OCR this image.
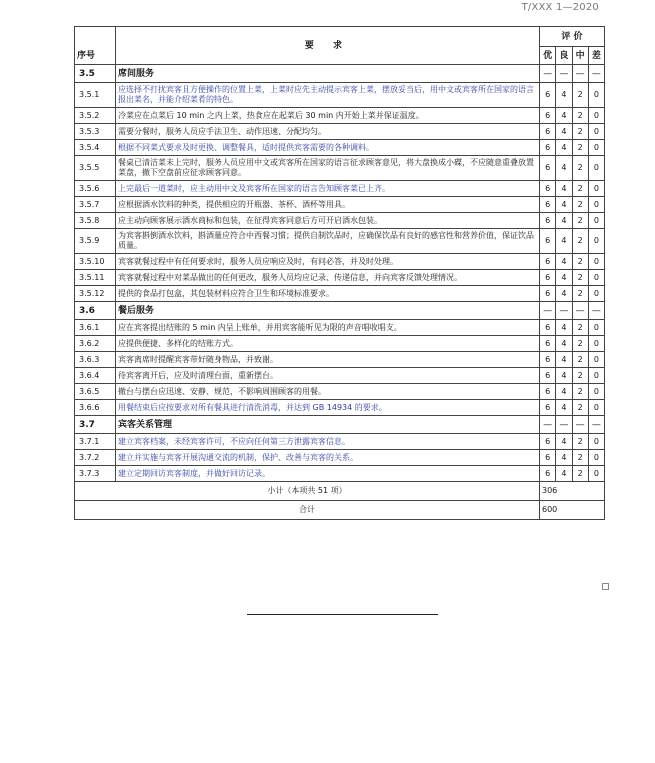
T/XXX 1—2020
序号	要 求	评 价			
		优	良	中	差
3.5	席间服务	—	—	—	—
3.5.1	应选择不打扰宾客且方便操作的位置上菜，上菜时应先主动提示宾客上菜，摆放妥当后，用中文或宾客所在国家的语言报出菜名，并能介绍菜肴的特色。	6	4	2	0
3.5.2	冷菜应在点菜后 10 min 之内上菜，热食应在起菜后 30 min 内开始上菜并保证温度。	6	4	2	0
3.5.3	需要分餐时，服务人员应手法卫生、动作迅速、分配均匀。	6	4	2	0
3.5.4	根据不同菜式要求及时更换、调整餐具，适时提供宾客需要的各种调料。	6	4	2	0
3.5.5	餐桌已清洁菜未上完时，服务人员应用中文或宾客所在国家的语言征求顾客意见，将大盘换成小碟，不应随意重叠放置菜盘，撤下空盘前应征求顾客同意。	6	4	2	0
3.5.6	上完最后一道菜时，应主动用中文及宾客所在国家的语言告知顾客菜已上齐。	6	4	2	0
3.5.7	应根据酒水饮料的种类，提供相应的开瓶器、茶杯、酒杯等用具。	6	4	2	0
3.5.8	应主动向顾客展示酒水商标和包装，在征得宾客同意后方可开启酒水包装。	6	4	2	0
3.5.9	为宾客斟倒酒水饮料，斟酒量应符合中西餐习惯；提供自制饮品时，应确保饮品有良好的感官性和营养价值，保证饮品质量。	6	4	2	0
3.5.10	宾客就餐过程中有任何要求时，服务人员应响应及时，有问必答，并及时处理。	6	4	2	0
3.5.11	宾客就餐过程中对菜品做出的任何更改，服务人员均应记录、传递信息，并向宾客反馈处理情况。	6	4	2	0
3.5.12	提供的食品打包盒，其包装材料应符合卫生和环境标准要求。	6	4	2	0
3.6	餐后服务	—	—	—	—
3.6.1	应在宾客提出结账的 5 min 内呈上账单，并用宾客能听见为限的声音唱收唱支。	6	4	2	0
3.6.2	应提供便捷、多样化的结账方式。	6	4	2	0
3.6.3	宾客离席时提醒宾客带好随身物品，并致谢。	6	4	2	0
3.6.4	待宾客离开后，应及时清理台面，重新摆台。	6	4	2	0
3.6.5	撤台与摆台应迅速、安静、规范，不影响周围顾客的用餐。	6	4	2	0
3.6.6	用餐结束后应按要求对所有餐具进行清洗消毒，并达到 GB 14934 的要求。	6	4	2	0
3.7	宾客关系管理	—	—	—	—
3.7.1	建立宾客档案，未经宾客许可，不应向任何第三方泄露宾客信息。	6	4	2	0
3.7.2	建立并实施与宾客开展沟通交流的机制，保护、改善与宾客的关系。	6	4	2	0
3.7.3	建立定期回访宾客制度，并做好回访记录。	6	4	2	0
小计（本项共 51 项）		306			
合计		600			
